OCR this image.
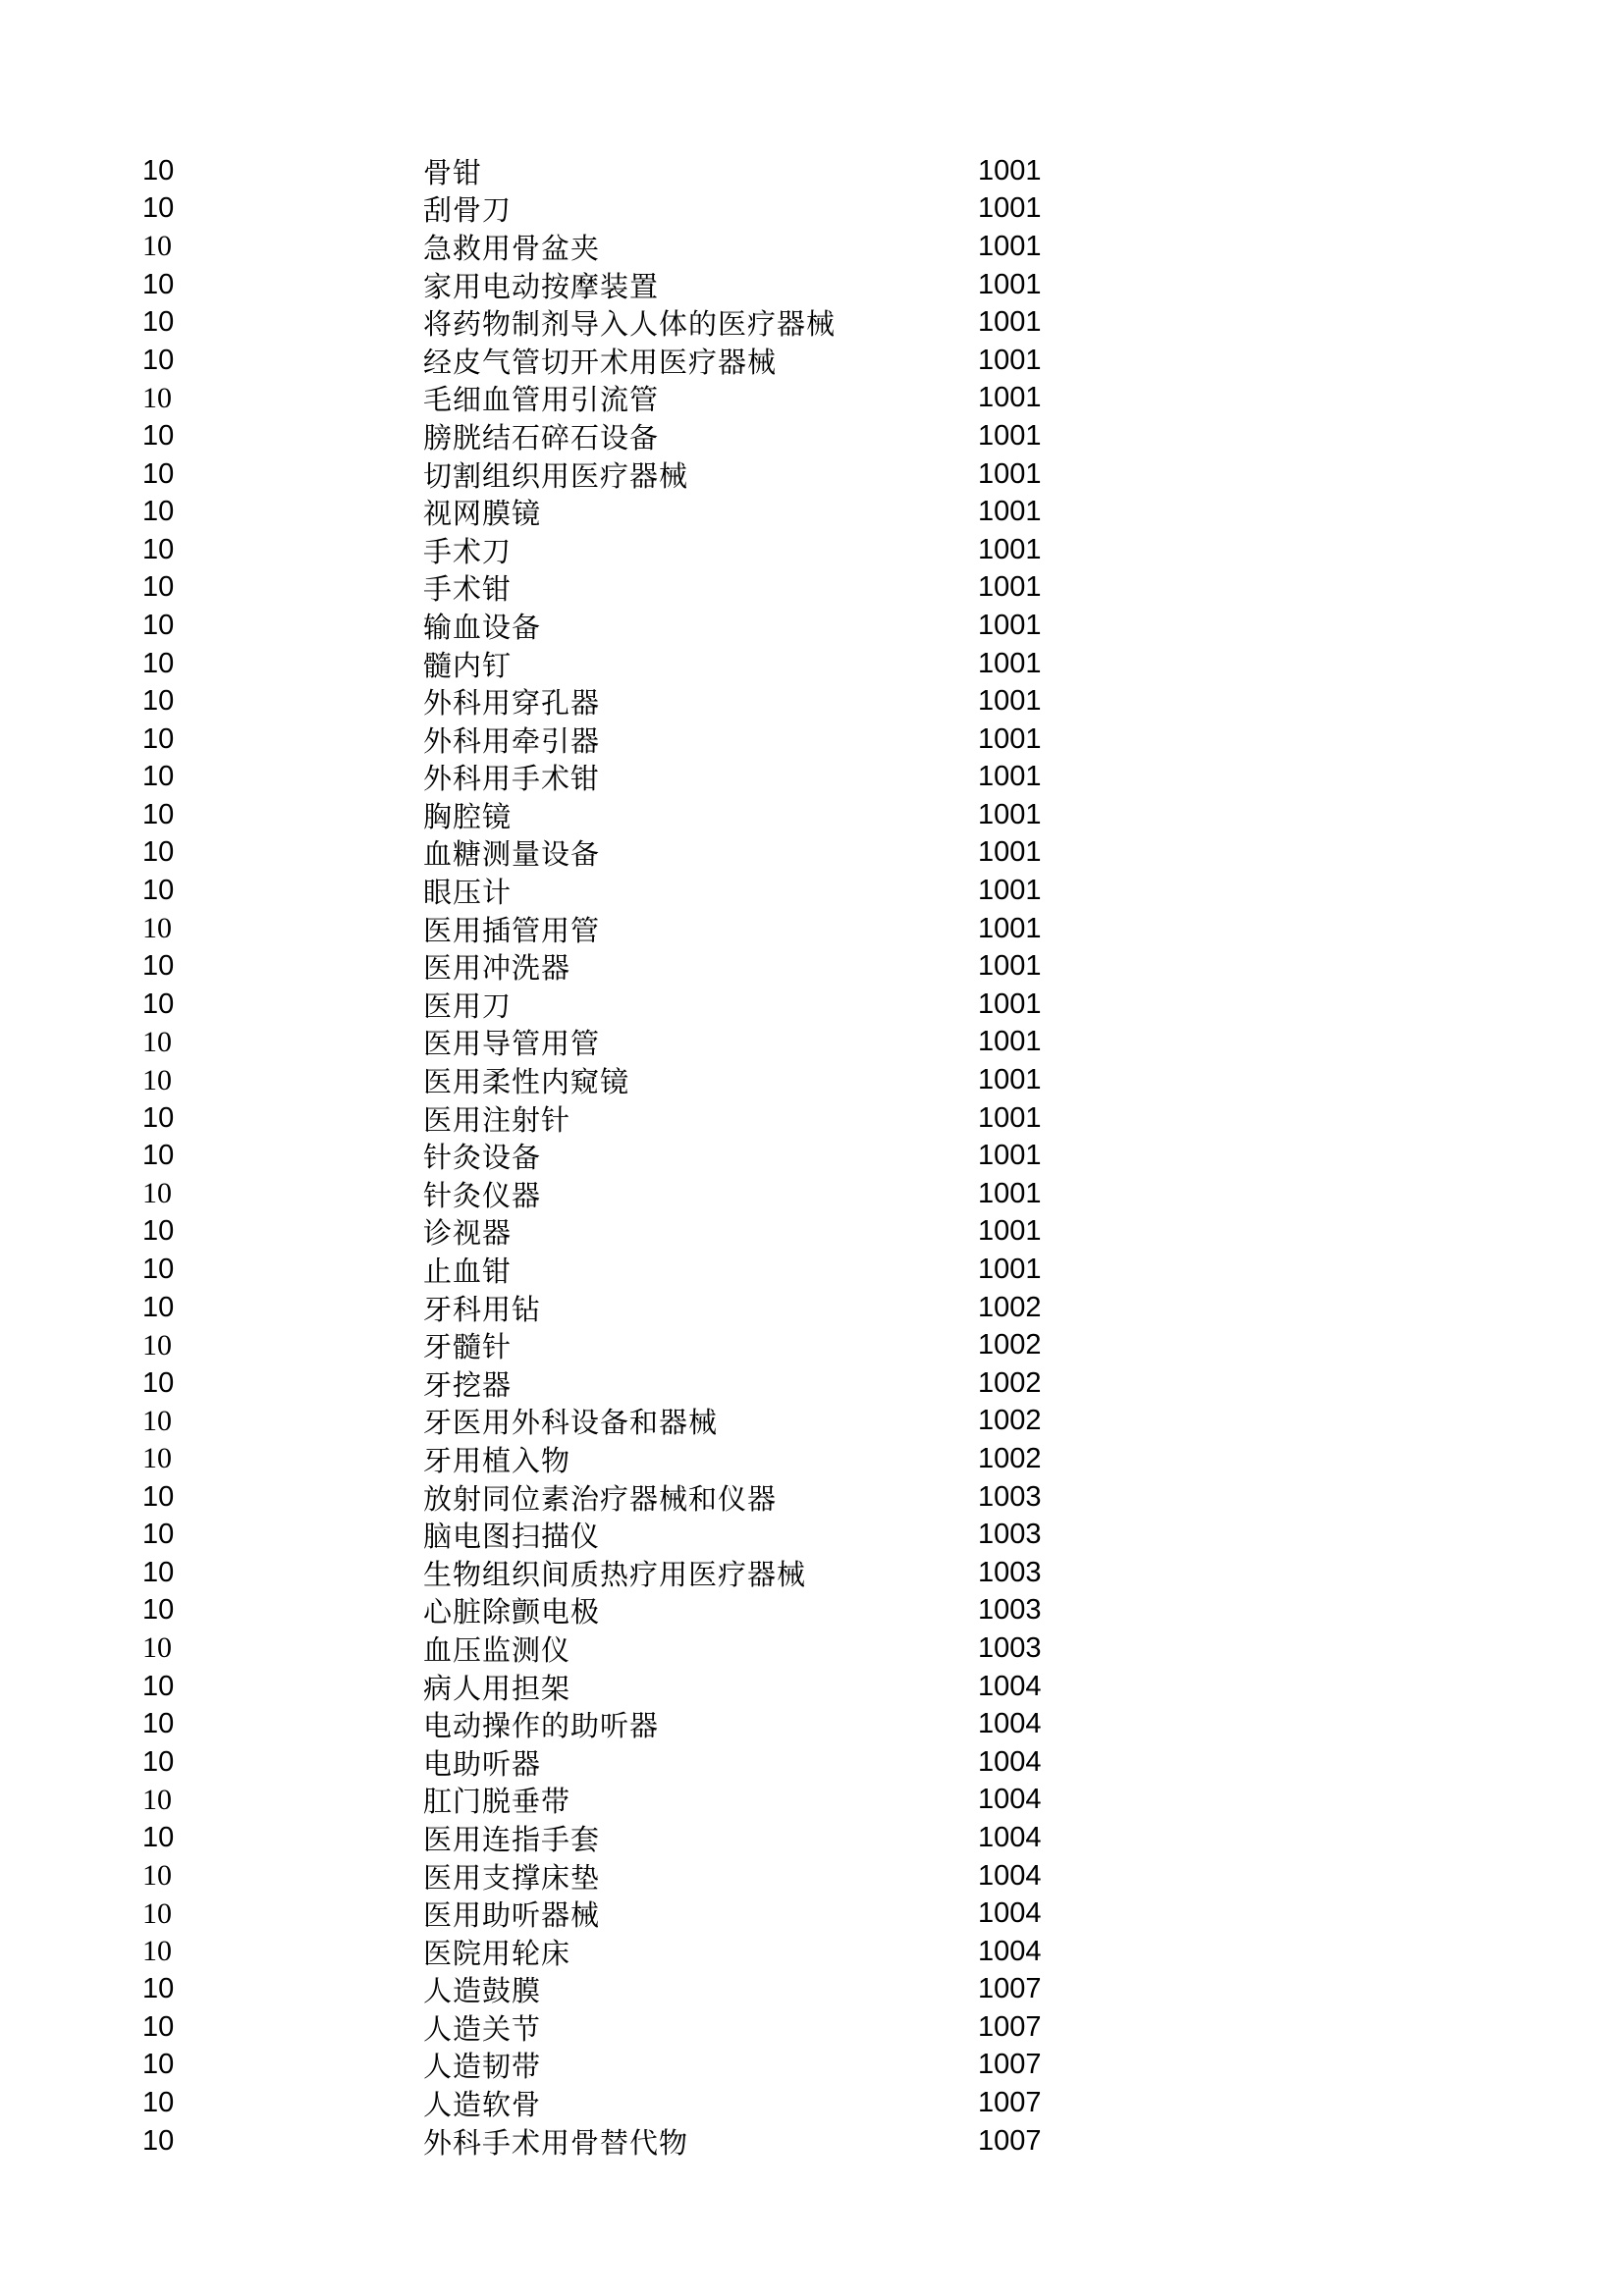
10	骨钳	1001
10	刮骨刀	1001
10	急救用骨盆夹	1001
10	家用电动按摩装置	1001
10	将药物制剂导入人体的医疗器械	1001
10	经皮气管切开术用医疗器械	1001
10	毛细血管用引流管	1001
10	膀胱结石碎石设备	1001
10	切割组织用医疗器械	1001
10	视网膜镜	1001
10	手术刀	1001
10	手术钳	1001
10	输血设备	1001
10	髓内钉	1001
10	外科用穿孔器	1001
10	外科用牵引器	1001
10	外科用手术钳	1001
10	胸腔镜	1001
10	血糖测量设备	1001
10	眼压计	1001
10	医用插管用管	1001
10	医用冲洗器	1001
10	医用刀	1001
10	医用导管用管	1001
10	医用柔性内窥镜	1001
10	医用注射针	1001
10	针灸设备	1001
10	针灸仪器	1001
10	诊视器	1001
10	止血钳	1001
10	牙科用钻	1002
10	牙髓针	1002
10	牙挖器	1002
10	牙医用外科设备和器械	1002
10	牙用植入物	1002
10	放射同位素治疗器械和仪器	1003
10	脑电图扫描仪	1003
10	生物组织间质热疗用医疗器械	1003
10	心脏除颤电极	1003
10	血压监测仪	1003
10	病人用担架	1004
10	电动操作的助听器	1004
10	电助听器	1004
10	肛门脱垂带	1004
10	医用连指手套	1004
10	医用支撑床垫	1004
10	医用助听器械	1004
10	医院用轮床	1004
10	人造鼓膜	1007
10	人造关节	1007
10	人造韧带	1007
10	人造软骨	1007
10	外科手术用骨替代物	1007
